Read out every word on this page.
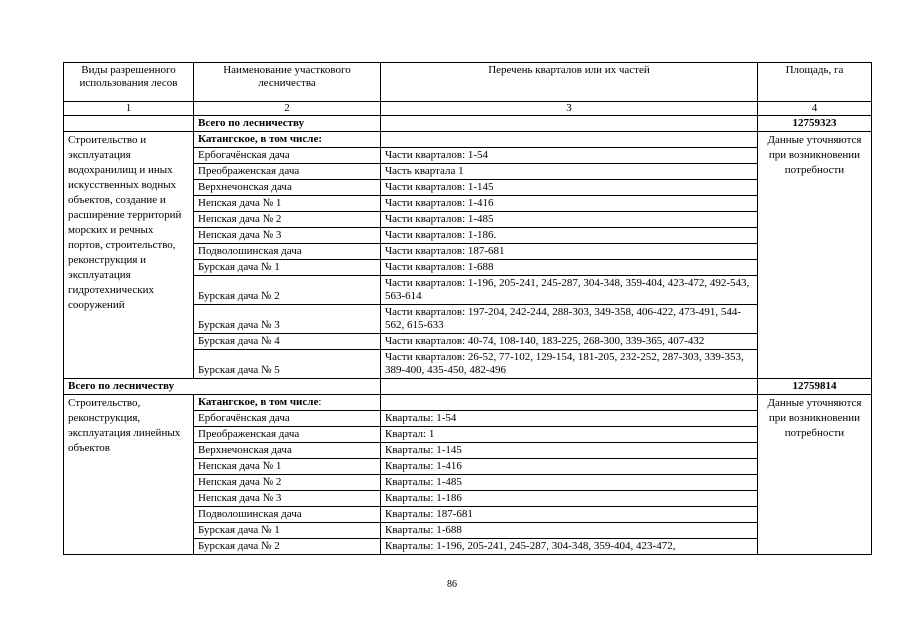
Виды разрешенного использования лесов	Наименование участкового лесничества	Перечень кварталов или их частей	Площадь, га
1	2	3	4
	Всего по лесничеству		12759323
Строительство и эксплуатация водохранилищ и иных искусственных водных объектов, создание и расширение территорий морских и речных портов, строительство, реконструкция и эксплуатация гидротехнических сооружений	Катангское, в том числе:		Данные уточняются при возникновении потребности
	Ербогачёнская дача	Части кварталов: 1-54	
	Преображенская дача	Часть квартала 1	
	Верхнечонская дача	Части кварталов: 1-145	
	Непская дача № 1	Части кварталов: 1-416	
	Непская дача № 2	Части кварталов: 1-485	
	Непская дача № 3	Части кварталов: 1-186.	
	Подволошинская дача	Части кварталов: 187-681	
	Бурская дача № 1	Части кварталов: 1-688	
	Бурская дача № 2	Части кварталов: 1-196, 205-241, 245-287, 304-348, 359-404, 423-472, 492-543, 563-614	
	Бурская дача № 3	Части кварталов: 197-204, 242-244, 288-303, 349-358, 406-422, 473-491, 544-562, 615-633	
	Бурская дача № 4	Части кварталов: 40-74, 108-140, 183-225, 268-300, 339-365, 407-432	
	Бурская дача № 5	Части кварталов: 26-52, 77-102, 129-154, 181-205, 232-252, 287-303, 339-353, 389-400, 435-450, 482-496	
Всего по лесничеству			12759814
Строительство, реконструкция, эксплуатация линейных объектов	Катангское, в том числе:		Данные уточняются при возникновении потребности
	Ербогачёнская дача	Кварталы: 1-54	
	Преображенская дача	Квартал: 1	
	Верхнечонская дача	Кварталы: 1-145	
	Непская дача № 1	Кварталы: 1-416	
	Непская дача № 2	Кварталы: 1-485	
	Непская дача № 3	Кварталы: 1-186	
	Подволошинская дача	Кварталы: 187-681	
	Бурская дача № 1	Кварталы: 1-688	
	Бурская дача № 2	Кварталы: 1-196, 205-241, 245-287, 304-348, 359-404, 423-472,	
86
